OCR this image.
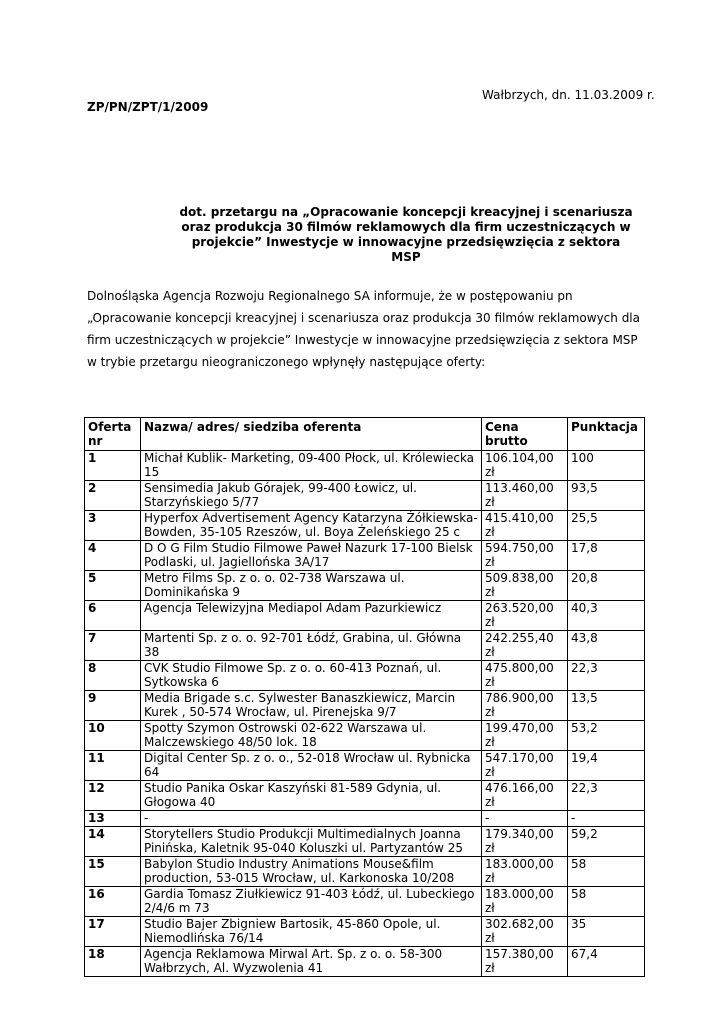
Wałbrzych, dn. 11.03.2009 r.
ZP/PN/ZPT/1/2009
dot. przetargu na „Opracowanie koncepcji kreacyjnej i scenariusza oraz produkcja 30 filmów reklamowych dla firm uczestniczących w projekcie” Inwestycje w innowacyjne przedsięwzięcia z sektora MSP
Dolnośląska Agencja Rozwoju Regionalnego SA informuje, że w postępowaniu pn „Opracowanie koncepcji kreacyjnej i scenariusza oraz produkcja 30 filmów reklamowych dla firm uczestniczących w projekcie” Inwestycje w innowacyjne przedsięwzięcia z sektora MSP w trybie przetargu nieograniczonego wpłynęły następujące oferty:
Oferta nr	Nazwa/ adres/ siedziba oferenta	Cena brutto	Punktacja
1	Michał Kublik- Marketing, 09-400 Płock, ul. Królewiecka 15	106.104,00 zł	100
2	Sensimedia Jakub Górajek, 99-400 Łowicz, ul. Starzyńskiego 5/77	113.460,00 zł	93,5
3	Hyperfox Advertisement Agency Katarzyna Żółkiewska-Bowden, 35-105 Rzeszów, ul. Boya Żeleńskiego 25 c	415.410,00 zł	25,5
4	D O G Film Studio Filmowe Paweł Nazurk 17-100 Bielsk Podlaski, ul. Jagiellońska 3A/17	594.750,00 zł	17,8
5	Metro Films Sp. z o. o. 02-738 Warszawa ul. Dominikańska 9	509.838,00 zł	20,8
6	Agencja Telewizyjna Mediapol Adam Pazurkiewicz	263.520,00 zł	40,3
7	Martenti Sp. z o. o. 92-701 Łódź, Grabina, ul. Główna 38	242.255,40 zł	43,8
8	CVK Studio Filmowe Sp. z o. o. 60-413 Poznań, ul. Sytkowska 6	475.800,00 zł	22,3
9	Media Brigade s.c. Sylwester Banaszkiewicz, Marcin Kurek , 50-574 Wrocław, ul. Pirenejska 9/7	786.900,00 zł	13,5
10	Spotty Szymon Ostrowski 02-622 Warszawa ul. Malczewskiego 48/50 lok. 18	199.470,00 zł	53,2
11	Digital Center Sp. z o. o., 52-018 Wrocław ul. Rybnicka 64	547.170,00 zł	19,4
12	Studio Panika Oskar Kaszyński 81-589 Gdynia, ul. Głogowa 40	476.166,00 zł	22,3
13	-	-	-
14	Storytellers Studio Produkcji Multimedialnych Joanna Pinińska, Kaletnik 95-040 Koluszki ul. Partyzantów 25	179.340,00 zł	59,2
15	Babylon Studio Industry Animations Mouse&film production, 53-015 Wrocław, ul. Karkonoska 10/208	183.000,00 zł	58
16	Gardia Tomasz Ziułkiewicz 91-403 Łódź, ul. Lubeckiego 2/4/6 m 73	183.000,00 zł	58
17	Studio Bajer Zbigniew Bartosik, 45-860 Opole, ul. Niemodlińska 76/14	302.682,00 zł	35
18	Agencja Reklamowa Mirwal Art. Sp. z o. o. 58-300 Wałbrzych, Al. Wyzwolenia 41	157.380,00 zł	67,4
